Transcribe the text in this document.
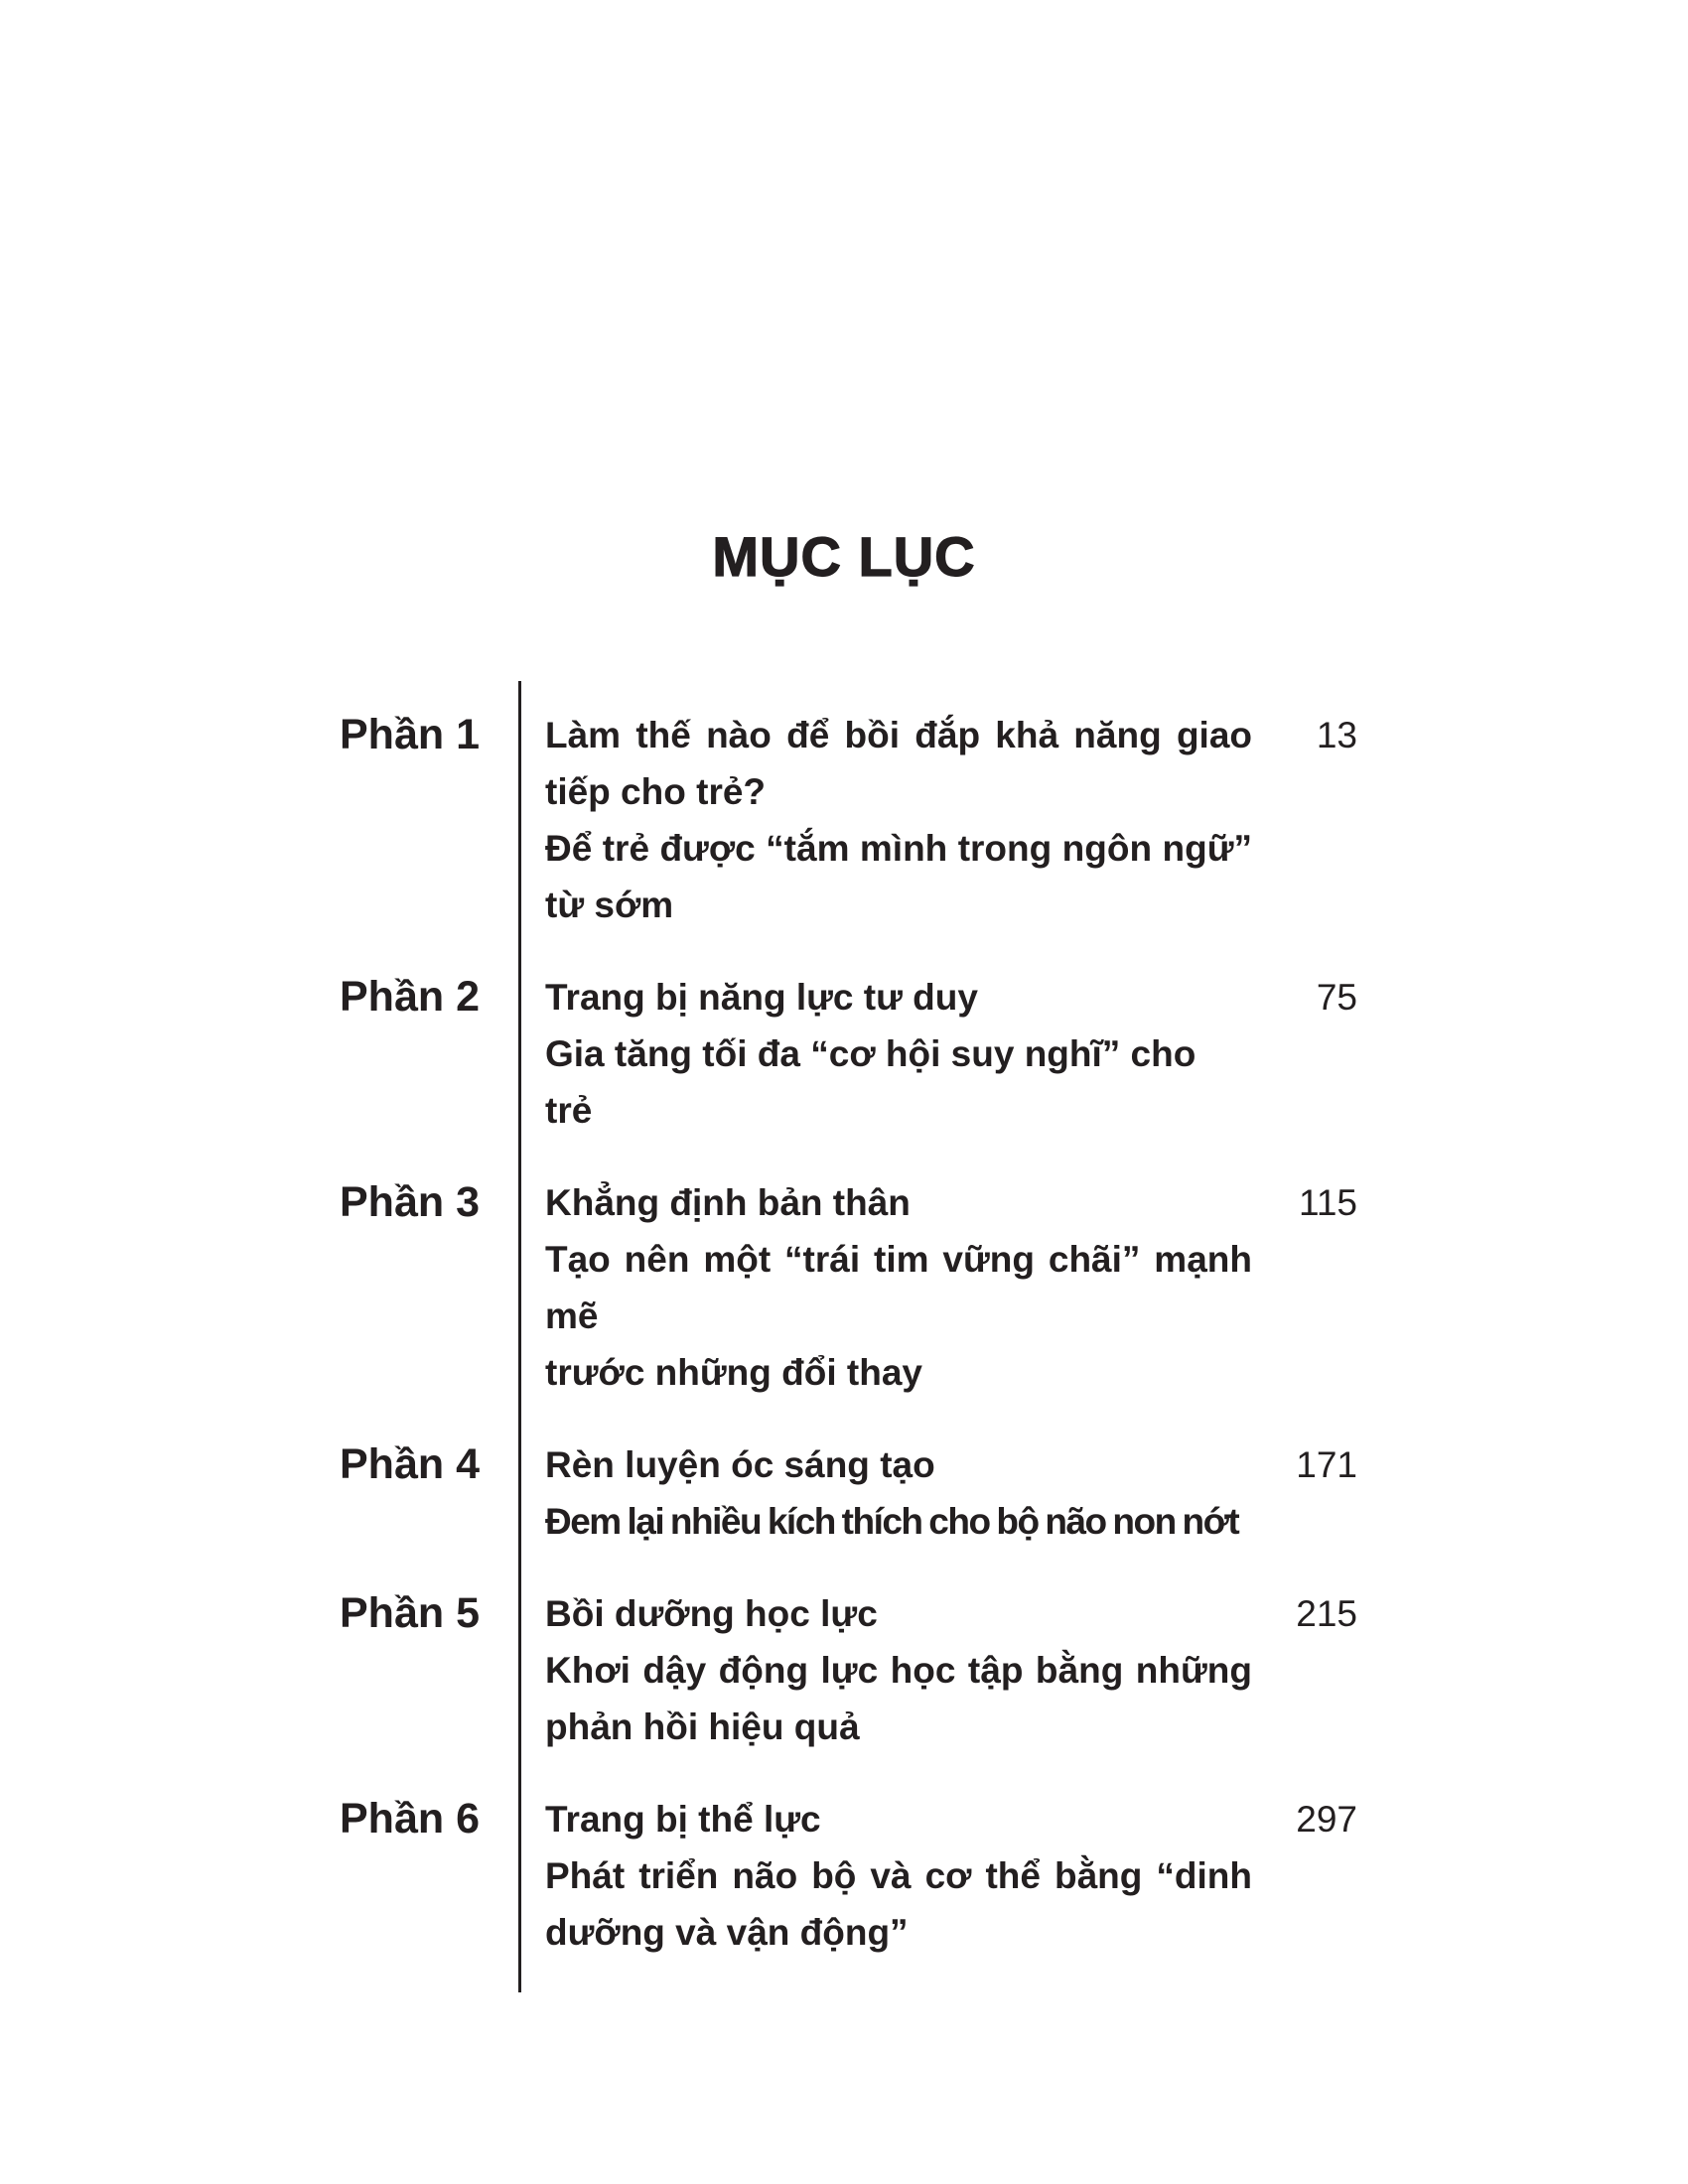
MỤC LỤC
Phần 1	Làm thế nào để bồi đắp khả năng giao
tiếp cho trẻ?
Để trẻ được “tắm mình trong ngôn ngữ”
từ sớm
13
Phần 2	Trang bị năng lực tư duy
Gia tăng tối đa “cơ hội suy nghĩ” cho trẻ
75
Phần 3	Khẳng định bản thân
Tạo nên một “trái tim vững chãi” mạnh mẽ
trước những đổi thay
115
Phần 4	Rèn luyện óc sáng tạo
Đem lại nhiều kích thích cho bộ não non nớt
171
Phần 5	Bồi dưỡng học lực
Khơi dậy động lực học tập bằng những
phản hồi hiệu quả
215
Phần 6	Trang bị thể lực
Phát triển não bộ và cơ thể bằng “dinh
dưỡng và vận động”
297
